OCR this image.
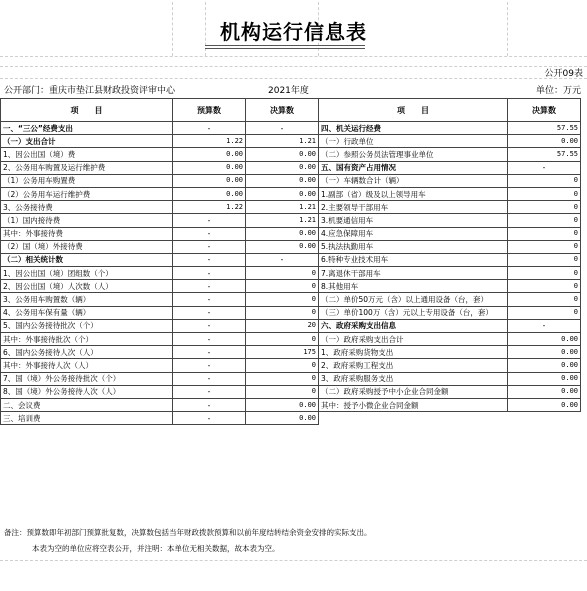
机构运行信息表
公开09表
公开部门：重庆市垫江县财政投资评审中心	2021年度	单位：万元
项　　目	预算数	决算数	项　　目	决算数
一、“三公”经费支出	-	-	四、机关运行经费	57.55
（一）支出合计	1.22	1.21	（一）行政单位	0.00
1、因公出国（境）费	0.00	0.00	（二）参照公务员法管理事业单位	57.55
2、公务用车购置及运行维护费	0.00	0.00	五、国有资产占用情况	-
（1）公务用车购置费	0.00	0.00	（一）车辆数合计（辆）	0
（2）公务用车运行维护费	0.00	0.00	1.副部（省）级及以上领导用车	0
3、公务接待费	1.22	1.21	2.主要领导干部用车	0
（1）国内接待费	-	1.21	3.机要通信用车	0
其中：外事接待费	-	0.00	4.应急保障用车	0
（2）国（境）外接待费	-	0.00	5.执法执勤用车	0
（二）相关统计数	-	-	6.特种专业技术用车	0
1、因公出国（境）团组数（个）	-	0	7.离退休干部用车	0
2、因公出国（境）人次数（人）	-	0	8.其他用车	0
3、公务用车购置数（辆）	-	0	（二）单价50万元（含）以上通用设备（台，套）	0
4、公务用车保有量（辆）	-	0	（三）单价100万（含）元以上专用设备（台，套）	0
5、国内公务接待批次（个）	-	20	六、政府采购支出信息	-
其中：外事接待批次（个）	-	0	（一）政府采购支出合计	0.00
6、国内公务接待人次（人）	-	175	1、政府采购货物支出	0.00
其中：外事接待人次（人）	-	0	2、政府采购工程支出	0.00
7、国（境）外公务接待批次（个）	-	0	3、政府采购服务支出	0.00
8、国（境）外公务接待人次（人）	-	0	（二）政府采购授予中小企业合同金额	0.00
二、会议费	-	0.00	其中：授予小微企业合同金额	0.00
三、培训费	-	0.00		
备注：预算数即年初部门预算批复数，决算数包括当年财政拨款预算和以前年度结转结余资金安排的实际支出。
本表为空的单位应将空表公开，并注明：本单位无相关数据，故本表为空。
